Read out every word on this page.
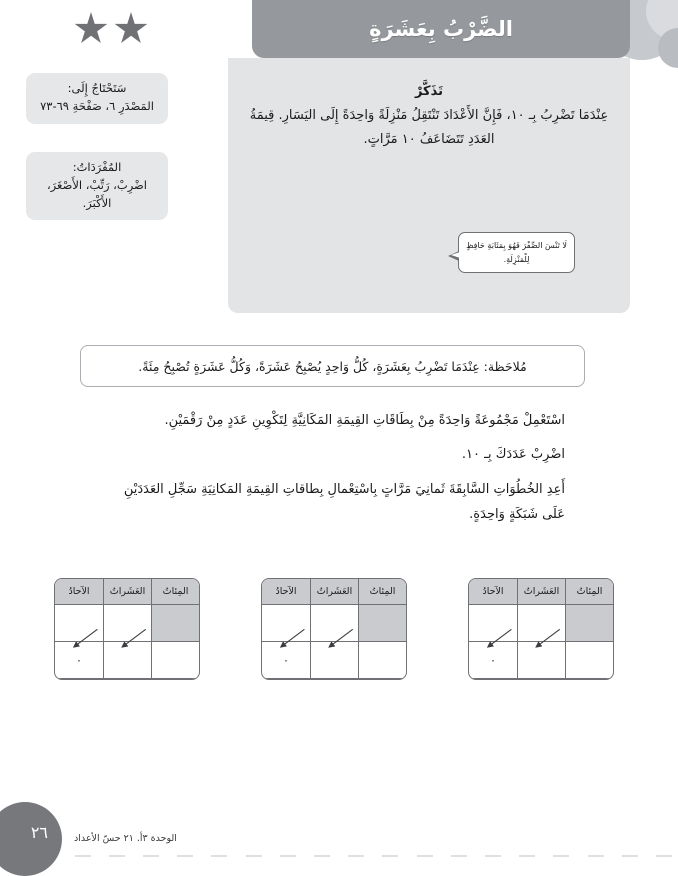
الضَّرْبُ بِعَشَرَةٍ
سَتَحْتَاجُ إِلَى:
المَصْدَرِ ٦، صَفْحَةِ ٦٩-٧٣
المُفْرَدَاتُ:
اضْرِبْ، رَتِّبْ، الأَصْغَرَ، الأَكْبَرَ.
تَذَكَّرْ
عِنْدَمَا تَضْرِبُ بِـ ١٠، فَإِنَّ الأَعْدَادَ تَنْتَقِلُ مَنْزِلَةً وَاحِدَةً إِلَى اليَسَارِ. قِيمَةُ العَدَدِ تَتَضَاعَفُ ١٠ مَرَّاتٍ.
لَا تَنْسَ الصِّفْرَ فَهُوَ بِمَثَابَةِ حَافِظٍ لِلْمَنْزِلَةِ.
مُلاحَظة: عِنْدَمَا تَضْرِبُ بِعَشَرَةٍ، كُلُّ وَاحِدٍ يُصْبِحُ عَشَرَةً، وَكُلُّ عَشَرَةٍ تُصْبِحُ مِئَةً.
اسْتَعْمِلْ مَجْمُوعَةً وَاحِدَةً مِنْ بِطَاقَاتِ القِيمَةِ المَكَانِيَّةِ لِتَكْوِينِ عَدَدٍ مِنْ رَقْمَيْنِ.
اضْرِبْ عَدَدَكَ بِـ ١٠.
أَعِدِ الخُطُوَاتِ السَّابِقَةَ ثَمانِيَ مَرَّاتٍ بِاسْتِعْمالِ بِطاقاتِ القِيمَةِ المَكانِيَةِ سَجِّلِ العَدَدَيْنِ عَلَى شَبَكَةٍ وَاحِدَةٍ.
المِئاتُ
العَشَراتُ
الآحادُ
٠
المِئاتُ
العَشَراتُ
الآحادُ
٠
المِئاتُ
العَشَراتُ
الآحادُ
٠
٢٦	الوحدة ٣أ. ٢١ حسّ الأعداد
